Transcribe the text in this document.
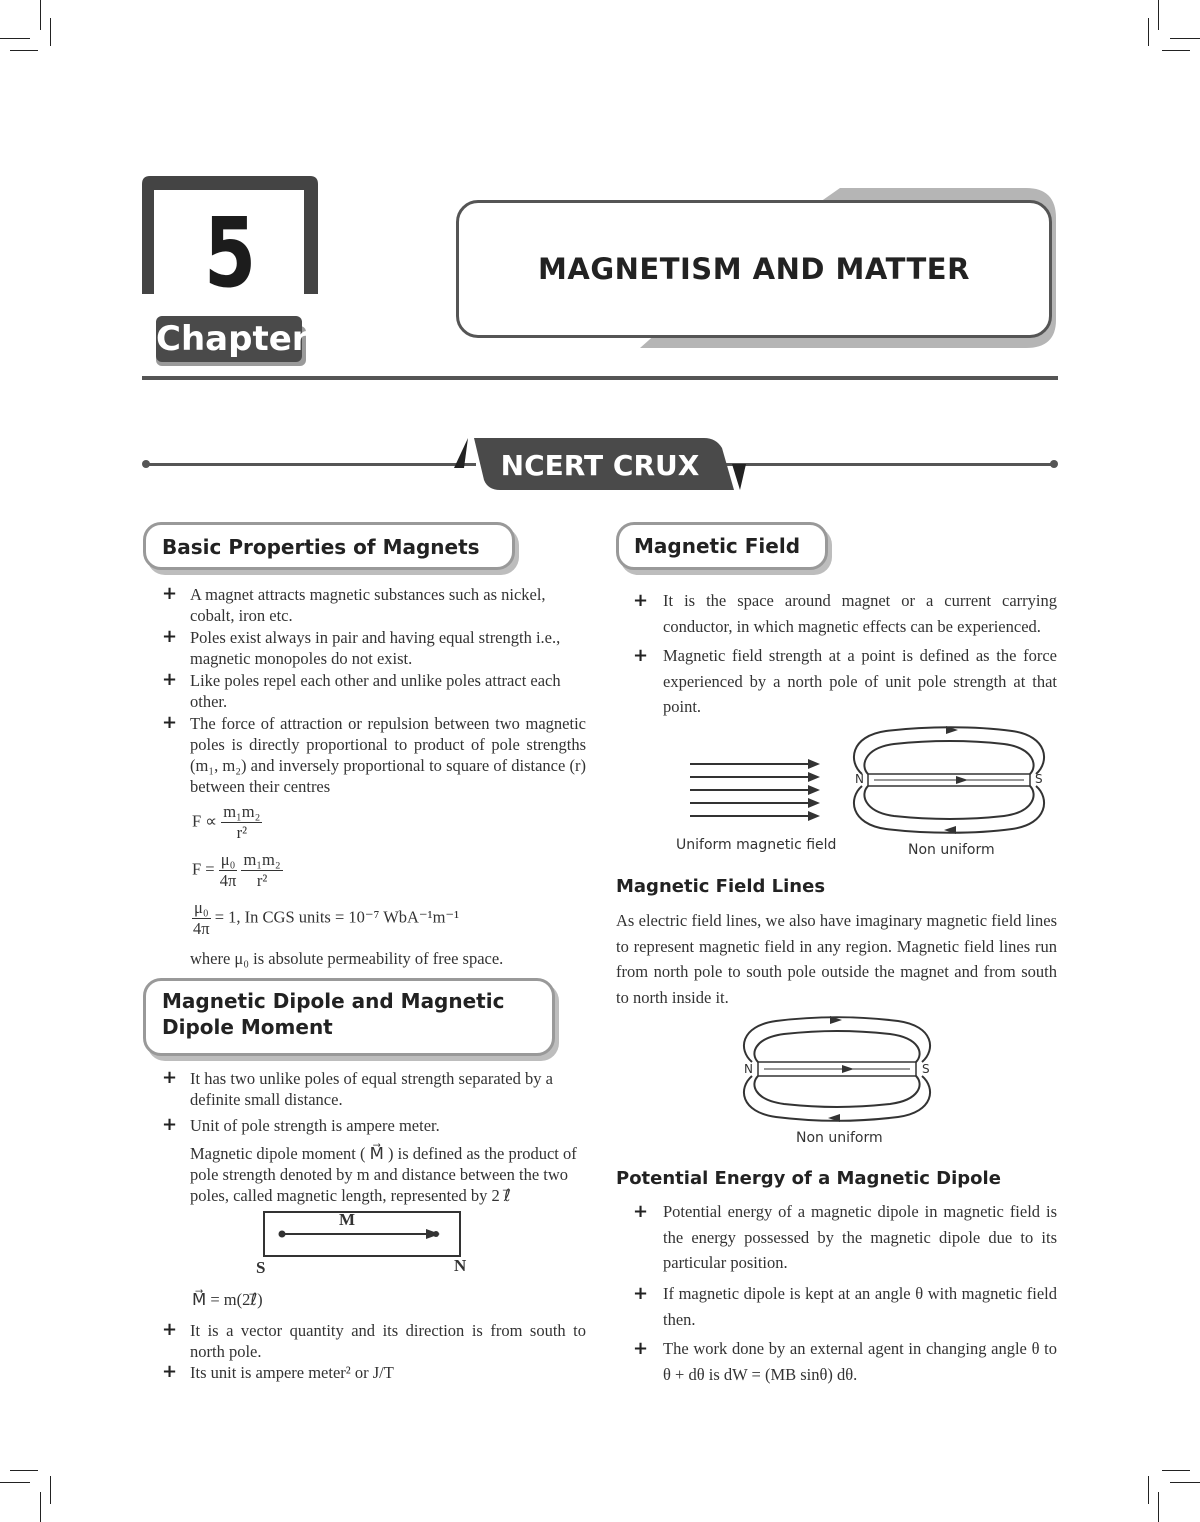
5
Chapter
MAGNETISM AND MATTER
NCERT CRUX
Basic Properties of Magnets
+ A magnet attracts magnetic substances such as nickel, cobalt, iron etc.
+ Poles exist always in pair and having equal strength i.e., magnetic monopoles do not exist.
+ Like poles repel each other and unlike poles attract each other.
+ The force of attraction or repulsion between two magnetic poles is directly proportional to product of pole strengths (m₁, m₂) and inversely proportional to square of distance (r) between their centres
$F \propto \frac{\text{m₁m₂}}{\text{r²}}$
$F = \frac{\text{μ₀}}{4\pi}$
$\frac{\text{m₁m₂}}{\text{r²}}$
$\frac{\text{μ₀}}{4\pi} = 1$, In CGS units = 10⁻⁷ WbA⁻¹m⁻¹
where μ₀ is absolute permeability of free space.
Magnetic Dipole and Magnetic
Dipole Moment
+ It has two unlike poles of equal strength separated by a definite small distance.
+ Unit of pole strength is ampere meter.
Magnetic dipole moment ( M⃗ ) is defined as the product of pole strength denoted by m and distance between the two poles, called magnetic length, represented by 2 ℓ⃗
M⃗
S	N
M⃗ = m(2ℓ⃗)
+ It is a vector quantity and its direction is from south to north pole.
+ Its unit is ampere meter² or J/T
Magnetic Field
+ It is the space around magnet or a current carrying conductor, in which magnetic effects can be experienced.
+ Magnetic field strength at a point is defined as the force experienced by a north pole of unit pole strength at that point.
Uniform magnetic field
N	S
Non uniform
Magnetic Field Lines
As electric field lines, we also have imaginary magnetic field lines to represent magnetic field in any region. Magnetic field lines run from north pole to south pole outside the magnet and from south to north inside it.
N	S
Non uniform
Potential Energy of a Magnetic Dipole
+ Potential energy of a magnetic dipole in magnetic field is the energy possessed by the magnetic dipole due to its particular position.
+ If magnetic dipole is kept at an angle θ with magnetic field then.
+ The work done by an external agent in changing angle θ to θ + dθ is dW = (MB sinθ) dθ.
